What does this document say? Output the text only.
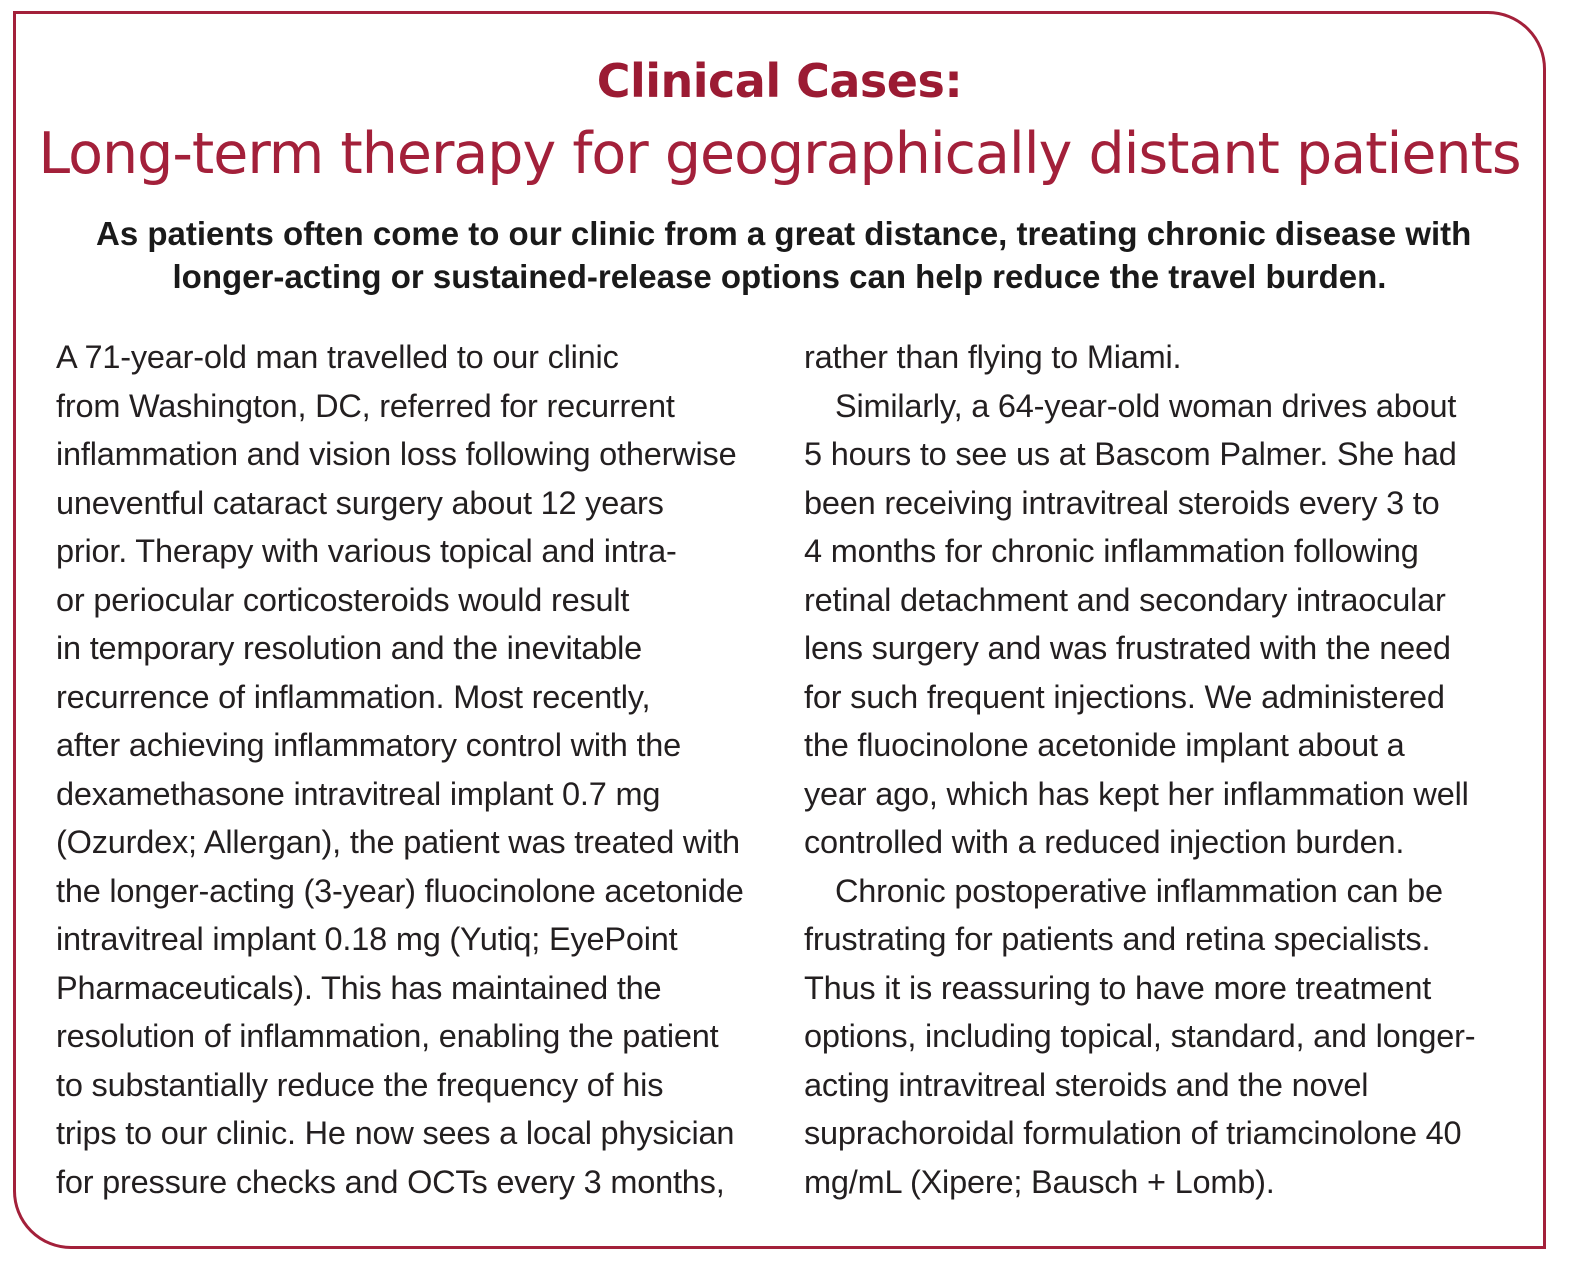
Clinical Cases:
Long-term therapy for geographically distant patients
As patients often come to our clinic from a great distance, treating chronic disease with
longer-acting or sustained-release options can help reduce the travel burden.

A 71-year-old man travelled to our clinic
from Washington, DC, referred for recurrent
inflammation and vision loss following otherwise
uneventful cataract surgery about 12 years
prior. Therapy with various topical and intra-
or periocular corticosteroids would result
in temporary resolution and the inevitable
recurrence of inflammation. Most recently,
after achieving inflammatory control with the
dexamethasone intravitreal implant 0.7 mg
(Ozurdex; Allergan), the patient was treated with
the longer-acting (3-year) fluocinolone acetonide
intravitreal implant 0.18 mg (Yutiq; EyePoint
Pharmaceuticals). This has maintained the
resolution of inflammation, enabling the patient
to substantially reduce the frequency of his
trips to our clinic. He now sees a local physician
for pressure checks and OCTs every 3 months,

rather than flying to Miami.

Similarly, a 64-year-old woman drives about
5 hours to see us at Bascom Palmer. She had
been receiving intravitreal steroids every 3 to
4 months for chronic inflammation following
retinal detachment and secondary intraocular
lens surgery and was frustrated with the need
for such frequent injections. We administered
the fluocinolone acetonide implant about a
year ago, which has kept her inflammation well
controlled with a reduced injection burden.

Chronic postoperative inflammation can be
frustrating for patients and retina specialists.
Thus it is reassuring to have more treatment
options, including topical, standard, and longer-
acting intravitreal steroids and the novel
suprachoroidal formulation of triamcinolone 40
mg/mL (Xipere; Bausch + Lomb).
